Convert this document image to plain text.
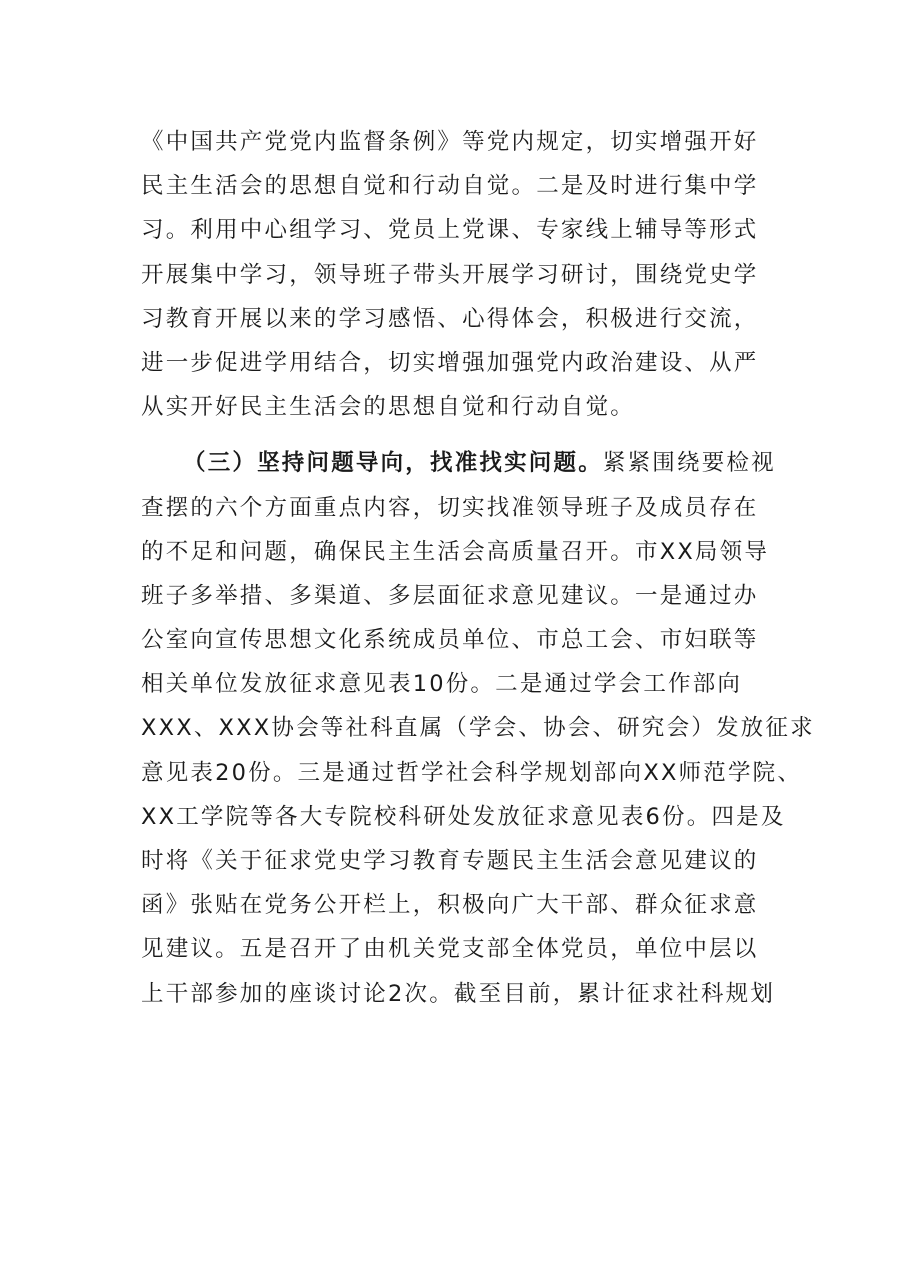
《中国共产党党内监督条例》等党内规定，切实增强开好
民主生活会的思想自觉和行动自觉。二是及时进行集中学
习。利用中心组学习、党员上党课、专家线上辅导等形式
开展集中学习，领导班子带头开展学习研讨，围绕党史学
习教育开展以来的学习感悟、心得体会，积极进行交流，
进一步促进学用结合，切实增强加强党内政治建设、从严
从实开好民主生活会的思想自觉和行动自觉。
（三）坚持问题导向，找准找实问题。紧紧围绕要检视
查摆的六个方面重点内容，切实找准领导班子及成员存在
的不足和问题，确保民主生活会高质量召开。市XX局领导
班子多举措、多渠道、多层面征求意见建议。一是通过办
公室向宣传思想文化系统成员单位、市总工会、市妇联等
相关单位发放征求意见表10份。二是通过学会工作部向
XXX、XXX协会等社科直属（学会、协会、研究会）发放征求
意见表20份。三是通过哲学社会科学规划部向XX师范学院、
XX工学院等各大专院校科研处发放征求意见表6份。四是及
时将《关于征求党史学习教育专题民主生活会意见建议的
函》张贴在党务公开栏上，积极向广大干部、群众征求意
见建议。五是召开了由机关党支部全体党员，单位中层以
上干部参加的座谈讨论2次。截至目前，累计征求社科规划
